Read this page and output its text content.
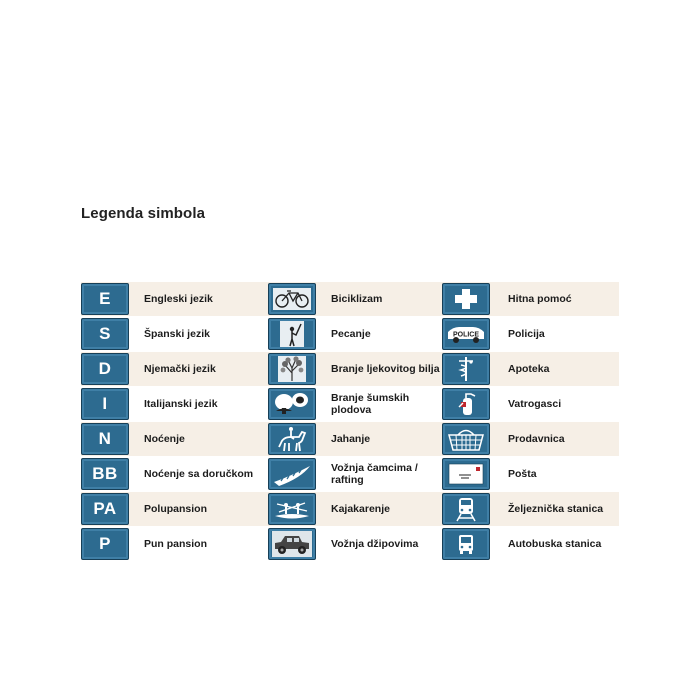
Legenda simbola
E	Engleski jezik	Biciklizam	Hitna pomoć
S	Španski jezik	Pecanje	POLICE	Policija
D	Njemački jezik	Branje ljekovitog bilja	Apoteka
I	Italijanski jezik	Branje šumskih plodova	Vatrogasci
N	Noćenje	Jahanje	Prodavnica
BB Noćenje sa doručkom	Vožnja čamcima / rafting	Pošta
PA	Polupansion	Kajakarenje	Željeznička stanica
P	Pun pansion	Vožnja džipovima	Autobuska stanica
